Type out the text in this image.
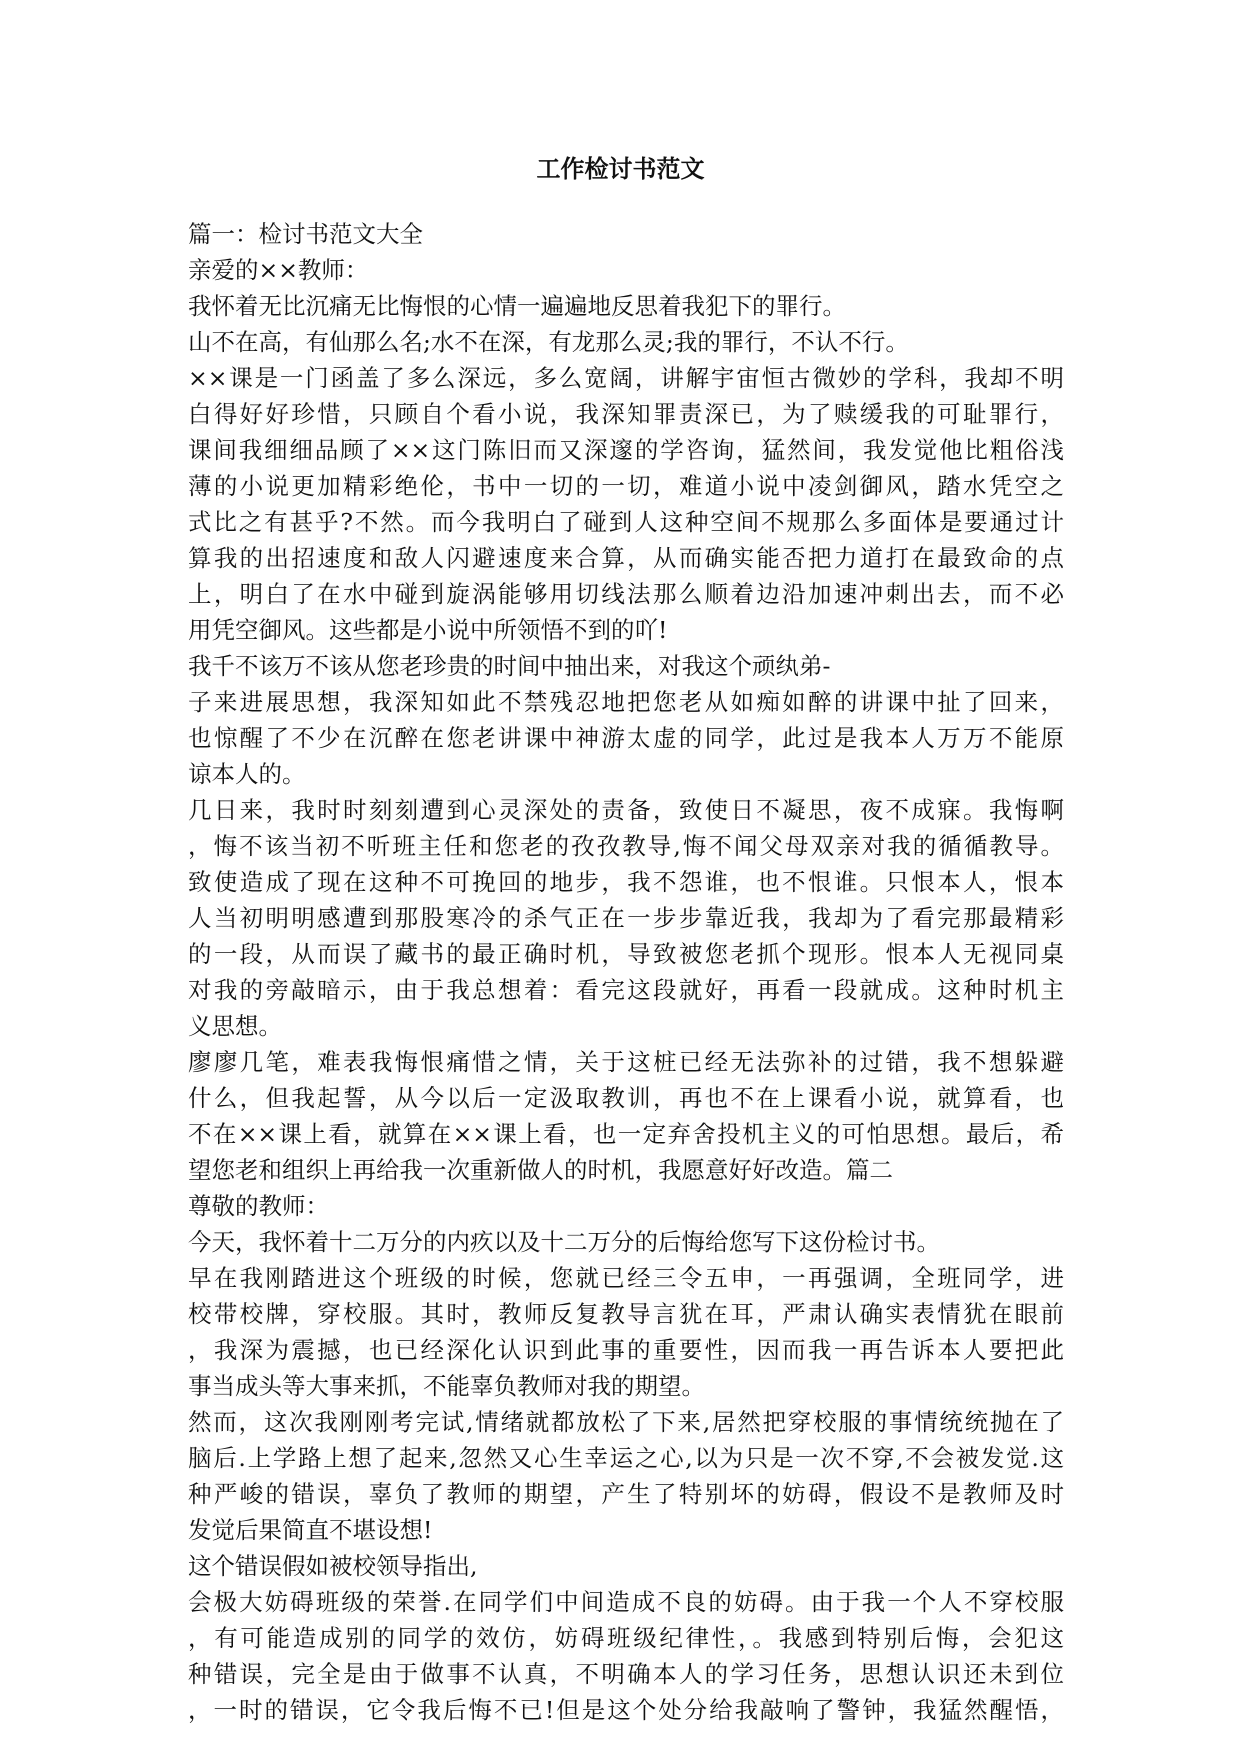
工作检讨书范文
篇一：检讨书范文大全
亲爱的××教师：
我怀着无比沉痛无比悔恨的心情一遍遍地反思着我犯下的罪行。
山不在高，有仙那么名;水不在深，有龙那么灵;我的罪行，不认不行。
××课是一门函盖了多么深远，多么宽阔，讲解宇宙恒古微妙的学科，我却不明
白得好好珍惜，只顾自个看小说，我深知罪责深已，为了赎缓我的可耻罪行，
课间我细细品顾了××这门陈旧而又深邃的学咨询，猛然间，我发觉他比粗俗浅
薄的小说更加精彩绝伦，书中一切的一切，难道小说中凌剑御风，踏水凭空之
式比之有甚乎?不然。而今我明白了碰到人这种空间不规那么多面体是要通过计
算我的出招速度和敌人闪避速度来合算，从而确实能否把力道打在最致命的点
上，明白了在水中碰到旋涡能够用切线法那么顺着边沿加速冲刺出去，而不必
用凭空御风。这些都是小说中所领悟不到的吖!
我千不该万不该从您老珍贵的时间中抽出来，对我这个顽纨弟-
子来进展思想，我深知如此不禁残忍地把您老从如痴如醉的讲课中扯了回来，
也惊醒了不少在沉醉在您老讲课中神游太虚的同学，此过是我本人万万不能原
谅本人的。
几日来，我时时刻刻遭到心灵深处的责备，致使日不凝思，夜不成寐。我悔啊
，悔不该当初不听班主任和您老的孜孜教导,悔不闻父母双亲对我的循循教导。
致使造成了现在这种不可挽回的地步，我不怨谁，也不恨谁。只恨本人，恨本
人当初明明感遭到那股寒冷的杀气正在一步步靠近我，我却为了看完那最精彩
的一段，从而误了藏书的最正确时机，导致被您老抓个现形。恨本人无视同桌
对我的旁敲暗示，由于我总想着：看完这段就好，再看一段就成。这种时机主
义思想。
廖廖几笔，难表我悔恨痛惜之情，关于这桩已经无法弥补的过错，我不想躲避
什么，但我起誓，从今以后一定汲取教训，再也不在上课看小说，就算看，也
不在××课上看，就算在××课上看，也一定弃舍投机主义的可怕思想。最后，希
望您老和组织上再给我一次重新做人的时机，我愿意好好改造。篇二
尊敬的教师：
今天，我怀着十二万分的内疚以及十二万分的后悔给您写下这份检讨书。
早在我刚踏进这个班级的时候，您就已经三令五申，一再强调，全班同学，进
校带校牌，穿校服。其时，教师反复教导言犹在耳，严肃认确实表情犹在眼前
，我深为震撼，也已经深化认识到此事的重要性，因而我一再告诉本人要把此
事当成头等大事来抓，不能辜负教师对我的期望。
然而，这次我刚刚考完试,情绪就都放松了下来,居然把穿校服的事情统统抛在了
脑后.上学路上想了起来,忽然又心生幸运之心,以为只是一次不穿,不会被发觉.这
种严峻的错误，辜负了教师的期望，产生了特别坏的妨碍，假设不是教师及时
发觉后果简直不堪设想!
这个错误假如被校领导指出,
会极大妨碍班级的荣誉.在同学们中间造成不良的妨碍。由于我一个人不穿校服
，有可能造成别的同学的效仿，妨碍班级纪律性，。我感到特别后悔，会犯这
种错误，完全是由于做事不认真，不明确本人的学习任务，思想认识还未到位
，一时的错误，它令我后悔不已!但是这个处分给我敲响了警钟，我猛然醒悟，
